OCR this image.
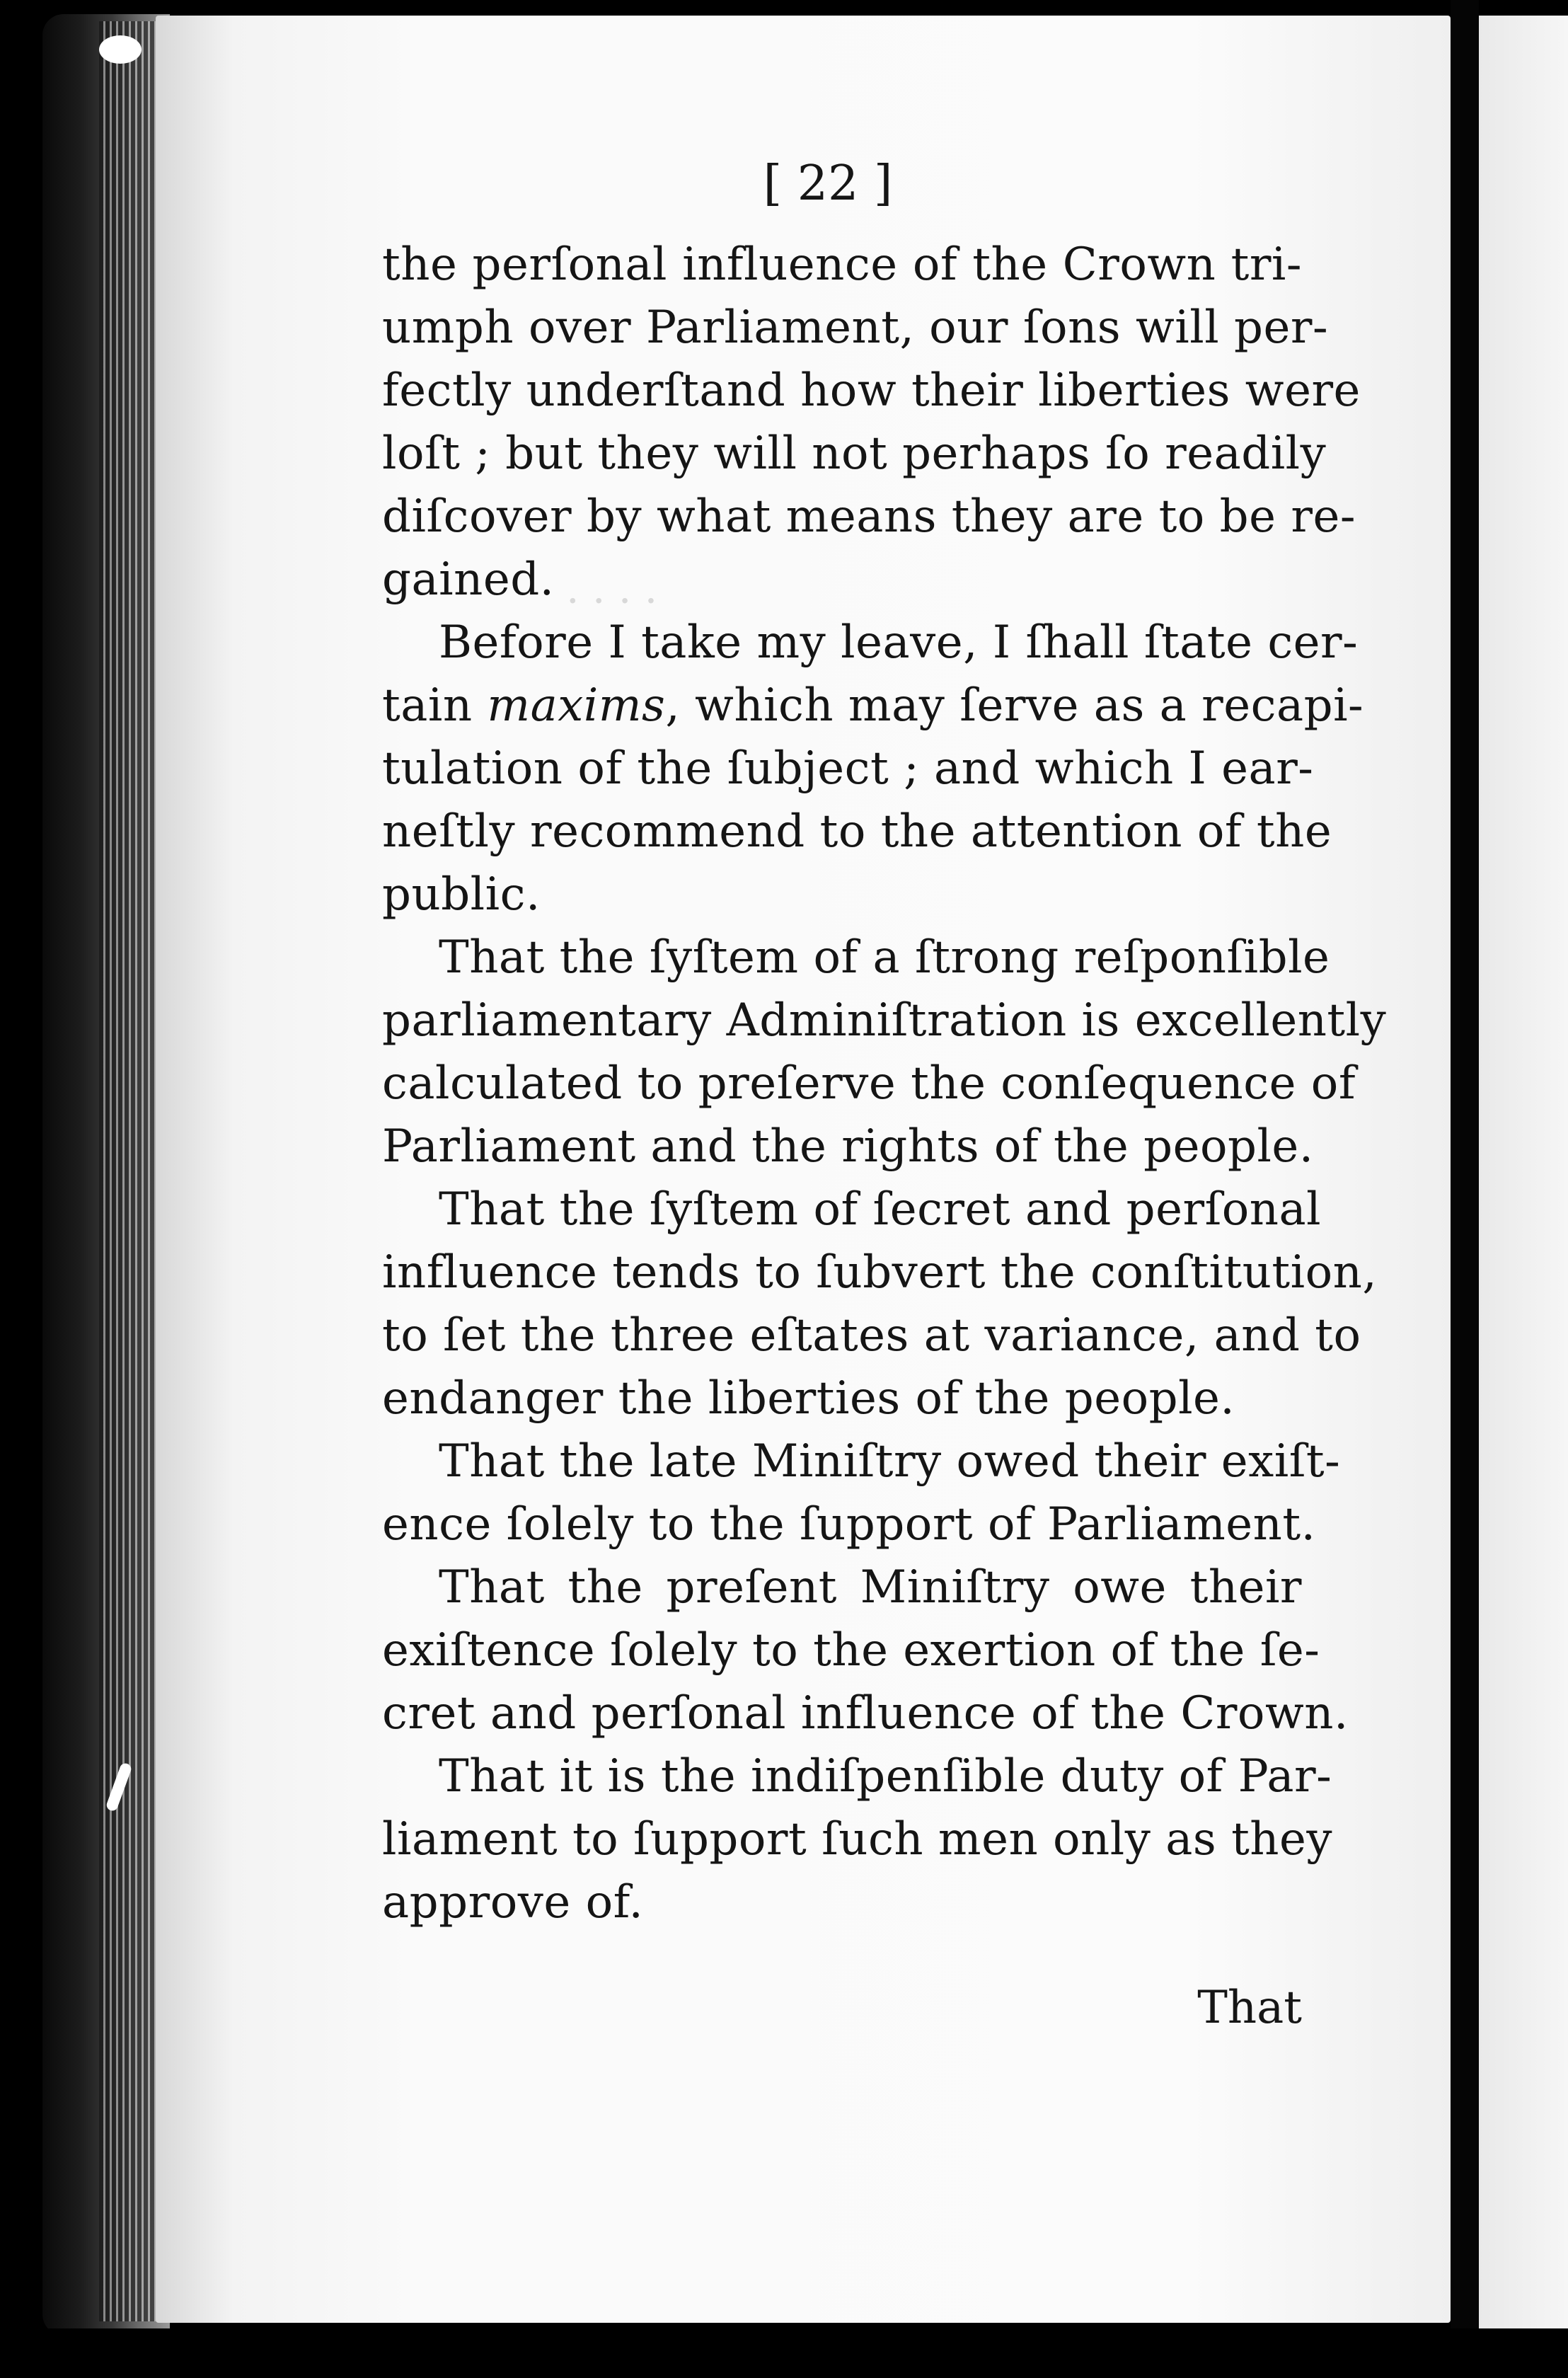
· · · ·
[ 22 ]
the perſonal influence of the Crown tri-
umph over Parliament, our ſons will per-
fectly underſtand how their liberties were
loſt ; but they will not perhaps ſo readily
diſcover by what means they are to be re-
gained.
Before I take my leave, I ſhall ſtate cer-
tain maxims, which may ſerve as a recapi-
tulation of the ſubject ; and which I ear-
neſtly recommend to the attention of the
public.
That the ſyſtem of a ſtrong reſponſible
parliamentary Adminiſtration is excellently
calculated to preſerve the conſequence of
Parliament and the rights of the people.
That the ſyſtem of ſecret and perſonal
influence tends to ſubvert the conſtitution,
to ſet the three eſtates at variance, and to
endanger the liberties of the people.
That the late Miniſtry owed their exiſt-
ence ſolely to the ſupport of Parliament.
That the preſent Miniſtry owe their
exiſtence ſolely to the exertion of the ſe-
cret and perſonal influence of the Crown.
That it is the indiſpenſible duty of Par-
liament to ſupport ſuch men only as they
approve of.
That
